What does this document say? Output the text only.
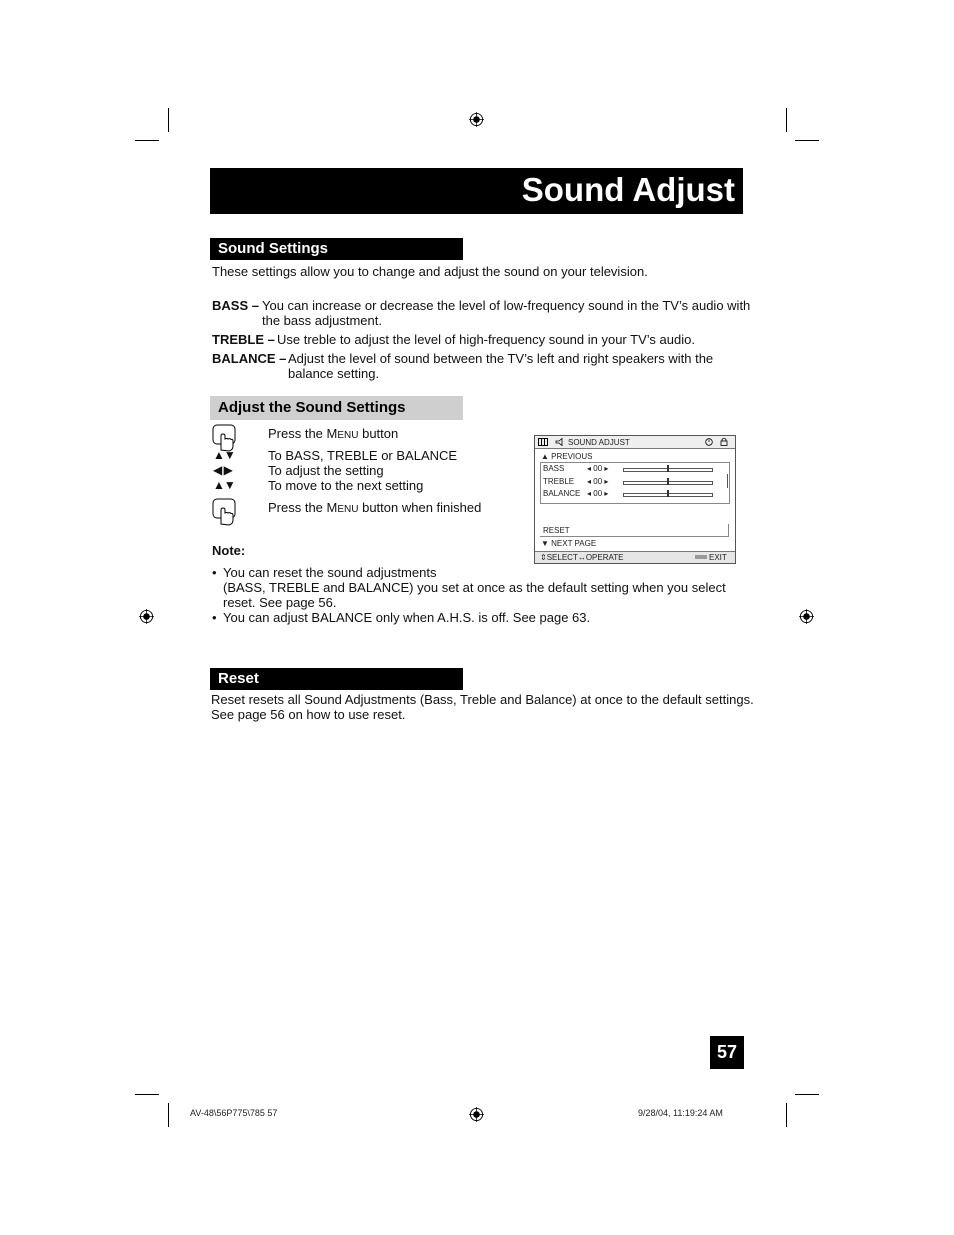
Sound Adjust
Sound Settings
These settings allow you to change and adjust the sound on your television.
BASS – You can increase or decrease the level of low-frequency sound in the TV’s audio with
the bass adjustment.
TREBLE – Use treble to adjust the level of high-frequency sound in your TV’s audio.
BALANCE – Adjust the level of sound between the TV’s left and right speakers with the
balance setting.
Adjust the Sound Settings
Press the MENU button
▲▼	To BASS, TREBLE or BALANCE
◀ ▶	To adjust the setting
▲▼	To move to the next setting
Press the MENU button when finished
SOUND ADJUST
▲ PREVIOUS
BASS	◂ 00 ▸
TREBLE ◂ 00 ▸
BALANCE ◂ 00 ▸
RESET
▼ NEXT PAGE
⇕SELECT↔OPERATE	EXIT
Note:
• You can reset the sound adjustments
(BASS, TREBLE and BALANCE) you set at once as the default setting when you select
reset. See page 56.
• You can adjust BALANCE only when A.H.S. is off. See page 63.
Reset
Reset resets all Sound Adjustments (Bass, Treble and Balance) at once to the default settings.
See page 56 on how to use reset.
57
AV-48\56P775\785 57	9/28/04, 11:19:24 AM
